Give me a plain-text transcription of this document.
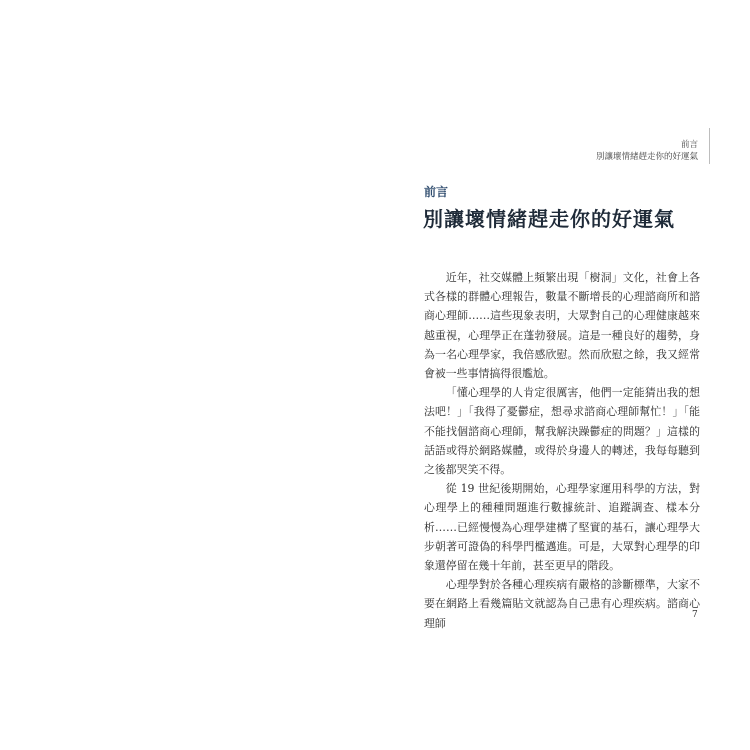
前言
別讓壞情緒趕走你的好運氣
前言
別讓壞情緒趕走你的好運氣

近年，社交媒體上頻繁出現「樹洞」文化，社會上各式各樣的群體心理報告，數量不斷增長的心理諮商所和諮商心理師……這些現象表明，大眾對自己的心理健康越來越重視，心理學正在蓬勃發展。這是一種良好的趨勢，身為一名心理學家，我倍感欣慰。然而欣慰之餘，我又經常會被一些事情搞得很尷尬。

「懂心理學的人肯定很厲害，他們一定能猜出我的想法吧！」「我得了憂鬱症，想尋求諮商心理師幫忙！」「能不能找個諮商心理師，幫我解決躁鬱症的問題？」這樣的話語或得於網路媒體，或得於身邊人的轉述，我每每聽到之後都哭笑不得。

從 19 世紀後期開始，心理學家運用科學的方法，對心理學上的種種問題進行數據統計、追蹤調查、樣本分析……已經慢慢為心理學建構了堅實的基石，讓心理學大步朝著可證偽的科學門檻邁進。可是，大眾對心理學的印象還停留在幾十年前，甚至更早的階段。

心理學對於各種心理疾病有嚴格的診斷標準，大家不要在網路上看幾篇貼文就認為自己患有心理疾病。諮商心理師

7
